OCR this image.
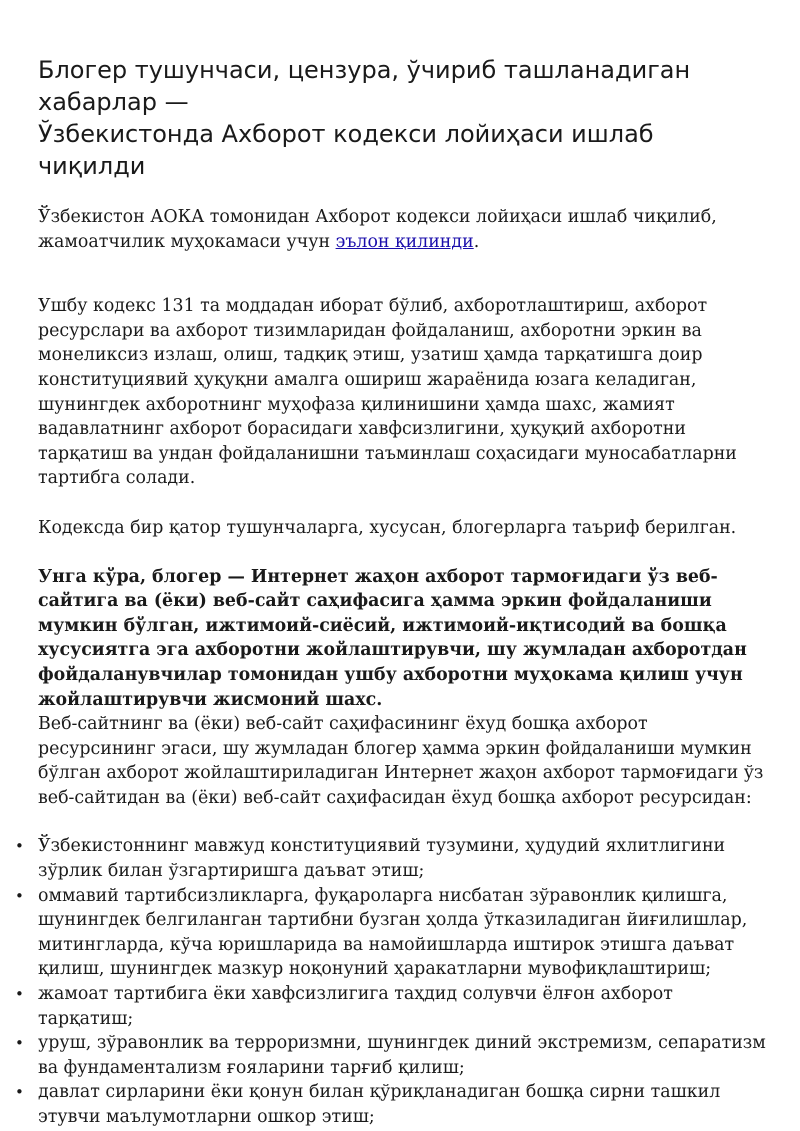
Блогер тушунчаси, цензура, ўчириб ташланадиган хабарлар —
Ўзбекистонда Ахборот кодекси лойиҳаси ишлаб чиқилди

Ўзбекистон АОКА томонидан Ахборот кодекси лойиҳаси ишлаб чиқилиб, жамоатчилик муҳокамаси учун эълон қилинди.

Ушбу кодекс 131 та моддадан иборат бўлиб, ахборотлаштириш, ахборот ресурслари ва ахборот тизимларидан фойдаланиш, ахборотни эркин ва монеликсиз излаш, олиш, тадқиқ этиш, узатиш ҳамда тарқатишга доир конституциявий ҳуқуқни амалга ошириш жараёнида юзага келадиган, шунингдек ахборотнинг муҳофаза қилинишини ҳамда шахс, жамият вадавлатнинг ахборот борасидаги хавфсизлигини, ҳуқуқий ахборотни тарқатиш ва ундан фойдаланишни таъминлаш соҳасидаги муносабатларни тартибга солади.

Кодексда бир қатор тушунчаларга, хусусан, блогерларга таъриф берилган.

Унга кўра, блогер — Интернет жаҳон ахборот тармоғидаги ўз веб-сайтига ва (ёки) веб-сайт саҳифасига ҳамма эркин фойдаланиши мумкин бўлган, ижтимоий-сиёсий, ижтимоий-иқтисодий ва бошқа хусусиятга эга ахборотни жойлаштирувчи, шу жумладан ахборотдан фойдаланувчилар томонидан ушбу ахборотни муҳокама қилиш учун жойлаштирувчи жисмоний шахс.

Веб-сайтнинг ва (ёки) веб-сайт саҳифасининг ёхуд бошқа ахборот ресурсининг эгаси, шу жумладан блогер ҳамма эркин фойдаланиши мумкин бўлган ахборот жойлаштириладиган Интернет жаҳон ахборот тармоғидаги ўз веб-сайтидан ва (ёки) веб-сайт саҳифасидан ёхуд бошқа ахборот ресурсидан:

• Ўзбекистоннинг мавжуд конституциявий тузумини, ҳудудий яхлитлигини зўрлик билан ўзгартиришга даъват этиш;
• оммавий тартибсизликларга, фуқароларга нисбатан зўравонлик қилишга, шунингдек белгиланган тартибни бузган ҳолда ўтказиладиган йиғилишлар, митингларда, кўча юришларида ва намойишларда иштирок этишга даъват қилиш, шунингдек мазкур ноқонуний ҳаракатларни мувофиқлаштириш;
• жамоат тартибига ёки хавфсизлигига таҳдид солувчи ёлғон ахборот тарқатиш;
• уруш, зўравонлик ва терроризмни, шунингдек диний экстремизм, сепаратизм ва фундаментализм ғояларини тарғиб қилиш;
• давлат сирларини ёки қонун билан қўриқланадиган бошқа сирни ташкил этувчи маълумотларни ошкор этиш;
